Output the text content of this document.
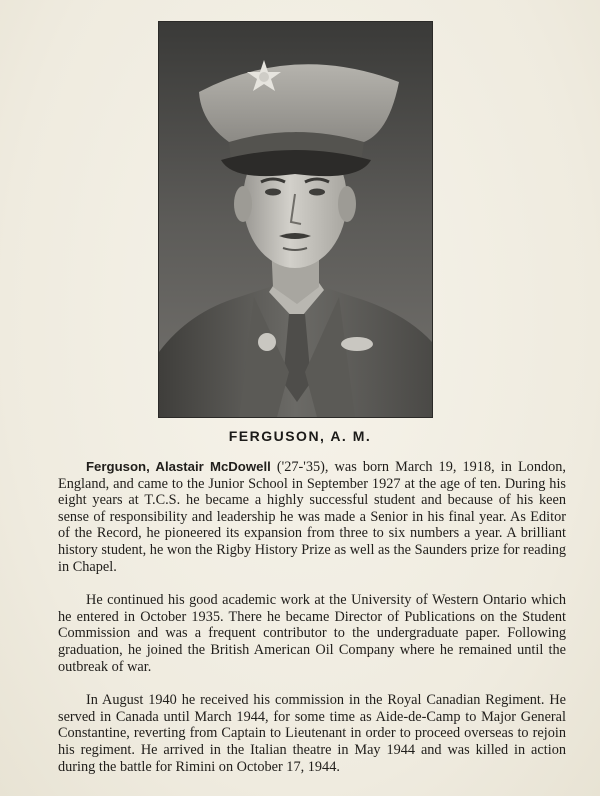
FERGUSON, A. M.

Ferguson, Alastair McDowell ('27-'35), was born March 19, 1918, in London, England, and came to the Junior School in September 1927 at the age of ten. During his eight years at T.C.S. he became a highly successful student and because of his keen sense of responsibility and leadership he was made a Senior in his final year. As Editor of the Record, he pioneered its expansion from three to six numbers a year. A brilliant history student, he won the Rigby History Prize as well as the Saunders prize for reading in Chapel.

He continued his good academic work at the University of Western Ontario which he entered in October 1935. There he became Director of Publications on the Student Commission and was a frequent contributor to the undergraduate paper. Following graduation, he joined the British American Oil Company where he remained until the outbreak of war.

In August 1940 he received his commission in the Royal Canadian Regiment. He served in Canada until March 1944, for some time as Aide-de-Camp to Major General Constantine, reverting from Captain to Lieutenant in order to proceed overseas to rejoin his regiment. He arrived in the Italian theatre in May 1944 and was killed in action during the battle for Rimini on October 17, 1944.
